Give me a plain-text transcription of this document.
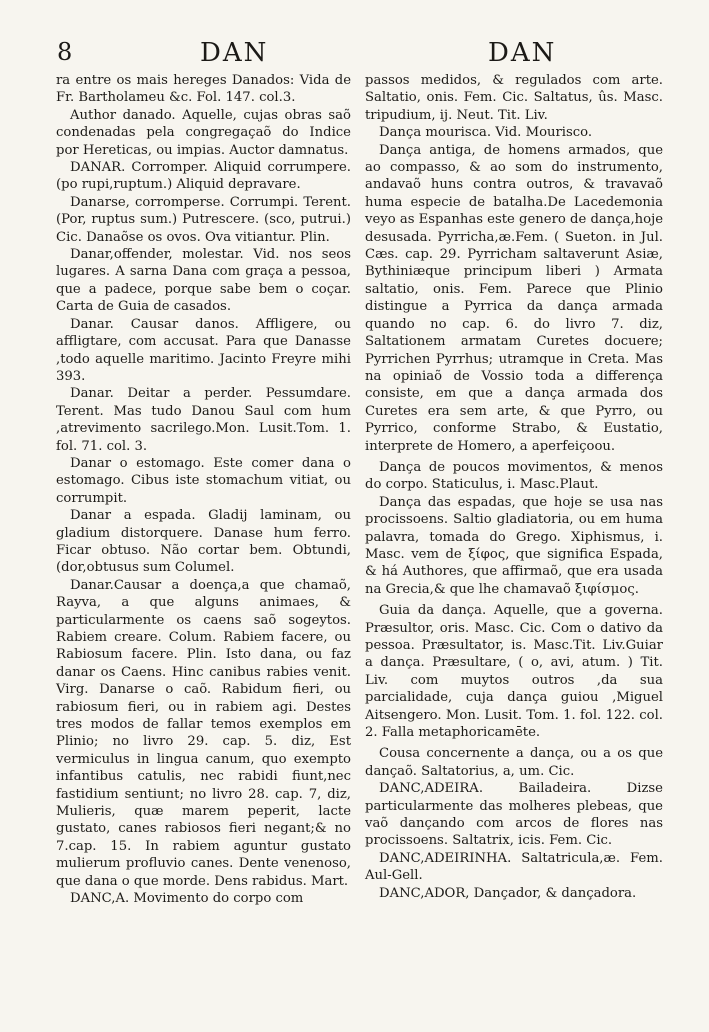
8	DAN	DAN

ra entre os mais hereges Danados: Vida de Fr. Bartholameu &c. Fol. 147. col.3.

Author danado. Aquelle, cujas obras saõ condenadas pela congregaçaõ do Indice por Hereticas, ou impias. Auctor damnatus.

DANAR. Corromper. Aliquid corrumpere.(po rupi,ruptum.) Aliquid depravare.

Danarse, corromperse. Corrumpi. Terent. (Por, ruptus sum.) Putrescere. (sco, putrui.) Cic. Danaõse os ovos. Ova vitiantur. Plin.

Danar,offender, molestar. Vid. nos seos lugares. A sarna Dana com graça a pessoa, que a padece, porque sabe bem o coçar. Carta de Guia de casados.

Danar. Causar danos. Affligere, ou affligtare, com accusat. Para que Danasse ,todo aquelle maritimo. Jacinto Freyre mihi 393.

Danar. Deitar a perder. Pessumdare. Terent. Mas tudo Danou Saul com hum ,atrevimento sacrilego.Mon. Lusit.Tom. 1. fol. 71. col. 3.

Danar o estomago. Este comer dana o estomago. Cibus iste stomachum vitiat, ou corrumpit.

Danar a espada. Gladij laminam, ou gladium distorquere. Danase hum ferro. Ficar obtuso. Não cortar bem. Obtundi, (dor,obtusus sum Columel.

Danar.Causar a doença,a que chamaõ, Rayva, a que alguns animaes, & particularmente os caens saõ sogeytos. Rabiem creare. Colum. Rabiem facere, ou Rabiosum facere. Plin. Isto dana, ou faz danar os Caens. Hinc canibus rabies venit. Virg. Danarse o caõ. Rabidum fieri, ou rabiosum fieri, ou in rabiem agi. Destes tres modos de fallar temos exemplos em Plinio; no livro 29. cap. 5. diz, Est vermiculus in lingua canum, quo exempto infantibus catulis, nec rabidi fiunt,nec fastidium sentiunt; no livro 28. cap. 7, diz, Mulieris, quæ marem peperit, lacte gustato, canes rabiosos fieri negant;& no 7.cap. 15. In rabiem aguntur gustato mulierum profluvio canes. Dente venenoso, que dana o que morde. Dens rabidus. Mart.

DANC,A. Movimento do corpo com

passos medidos, & regulados com arte. Saltatio, onis. Fem. Cic. Saltatus, ûs. Masc. tripudium, ij. Neut. Tit. Liv.

Dança mourisca. Vid. Mourisco.

Dança antiga, de homens armados, que ao compasso, & ao som do instrumento, andavaõ huns contra outros, & travavaõ huma especie de batalha.De Lacedemonia veyo as Espanhas este genero de dança,hoje desusada. Pyrricha,æ.Fem. ( Sueton. in Jul. Cæs. cap. 29. Pyrricham saltaverunt Asiæ, Bythiniæque principum liberi ) Armata saltatio, onis. Fem. Parece que Plinio distingue a Pyrrica da dança armada quando no cap. 6. do livro 7. diz, Saltationem armatam Curetes docuere; Pyrrichen Pyrrhus; utramque in Creta. Mas na opiniaõ de Vossio toda a differença consiste, em que a dança armada dos Curetes era sem arte, & que Pyrro, ou Pyrrico, conforme Strabo, & Eustatio, interprete de Homero, a aperfeiçoou.

Dança de poucos movimentos, & menos do corpo. Staticulus, i. Masc.Plaut.

Dança das espadas, que hoje se usa nas procissoens. Saltio gladiatoria, ou em huma palavra, tomada do Grego. Xiphismus, i. Masc. vem de ξίφος, que significa Espada, & há Authores, que affirmaõ, que era usada na Grecia,& que lhe chamavaõ ξιφίσμος.

Guia da dança. Aquelle, que a governa. Præsultor, oris. Masc. Cic. Com o dativo da pessoa. Præsultator, is. Masc.Tit. Liv.Guiar a dança. Præsultare, ( o, avi, atum. ) Tit. Liv. com muytos outros ,da sua parcialidade, cuja dança guiou ,Miguel Aitsengero. Mon. Lusit. Tom. 1. fol. 122. col. 2. Falla metaphoricamēte.

Cousa concernente a dança, ou a os que dançaõ. Saltatorius, a, um. Cic.

DANC,ADEIRA. Bailadeira. Dizse particularmente das molheres plebeas, que vaõ dançando com arcos de flores nas procissoens. Saltatrix, icis. Fem. Cic.

DANC,ADEIRINHA. Saltatricula,æ. Fem. Aul-Gell.

DANC,ADOR, Dançador, & dançadora.
